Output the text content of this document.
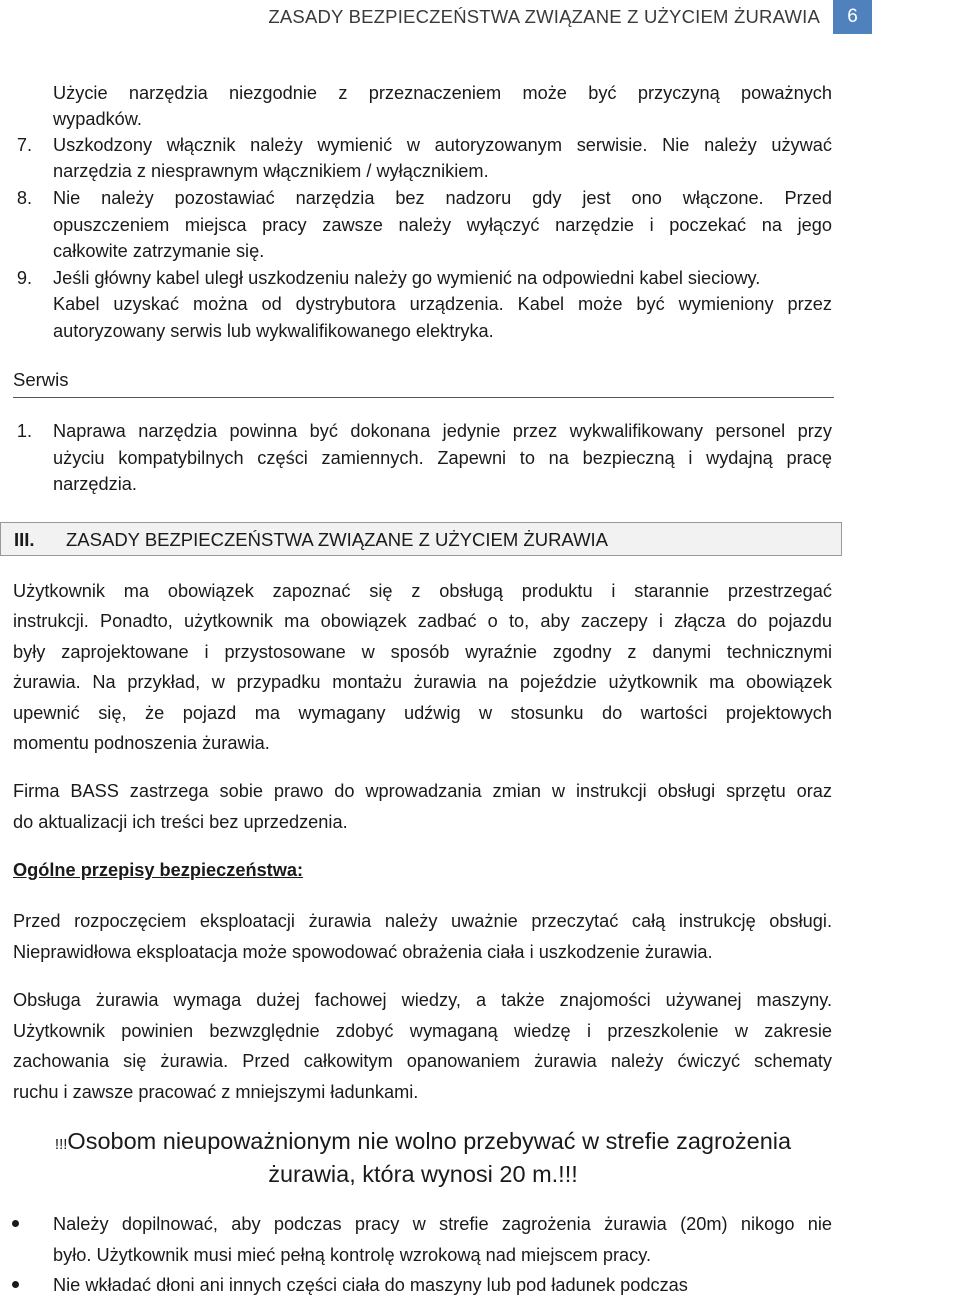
ZASADY BEZPIECZEŃSTWA ZWIĄZANE Z UŻYCIEM ŻURAWIA	6
Użycie narzędzia niezgodnie z przeznaczeniem może być przyczyną poważnych
wypadków.
7. Uszkodzony włącznik należy wymienić w autoryzowanym serwisie. Nie należy używać
narzędzia z niesprawnym włącznikiem / wyłącznikiem.
8. Nie należy pozostawiać narzędzia bez nadzoru gdy jest ono włączone. Przed
opuszczeniem miejsca pracy zawsze należy wyłączyć narzędzie i poczekać na jego
całkowite zatrzymanie się.
9. Jeśli główny kabel uległ uszkodzeniu należy go wymienić na odpowiedni kabel sieciowy.
Kabel uzyskać można od dystrybutora urządzenia. Kabel może być wymieniony przez
autoryzowany serwis lub wykwalifikowanego elektryka.
Serwis
1. Naprawa narzędzia powinna być dokonana jedynie przez wykwalifikowany personel przy
użyciu kompatybilnych części zamiennych. Zapewni to na bezpieczną i wydajną pracę
narzędzia.
III. ZASADY BEZPIECZEŃSTWA ZWIĄZANE Z UŻYCIEM ŻURAWIA
Użytkownik ma obowiązek zapoznać się z obsługą produktu i starannie przestrzegać
instrukcji. Ponadto, użytkownik ma obowiązek zadbać o to, aby zaczepy i złącza do pojazdu
były zaprojektowane i przystosowane w sposób wyraźnie zgodny z danymi technicznymi
żurawia. Na przykład, w przypadku montażu żurawia na pojeździe użytkownik ma obowiązek
upewnić się, że pojazd ma wymagany udźwig w stosunku do wartości projektowych
momentu podnoszenia żurawia.
Firma BASS zastrzega sobie prawo do wprowadzania zmian w instrukcji obsługi sprzętu oraz
do aktualizacji ich treści bez uprzedzenia.
Ogólne przepisy bezpieczeństwa:
Przed rozpoczęciem eksploatacji żurawia należy uważnie przeczytać całą instrukcję obsługi.
Nieprawidłowa eksploatacja może spowodować obrażenia ciała i uszkodzenie żurawia.
Obsługa żurawia wymaga dużej fachowej wiedzy, a także znajomości używanej maszyny.
Użytkownik powinien bezwzględnie zdobyć wymaganą wiedzę i przeszkolenie w zakresie
zachowania się żurawia. Przed całkowitym opanowaniem żurawia należy ćwiczyć schematy
ruchu i zawsze pracować z mniejszymi ładunkami.
!!!Osobom nieupoważnionym nie wolno przebywać w strefie zagrożenia
żurawia, która wynosi 20 m.!!!
Należy dopilnować, aby podczas pracy w strefie zagrożenia żurawia (20m) nikogo nie
było. Użytkownik musi mieć pełną kontrolę wzrokową nad miejscem pracy.
Nie wkładać dłoni ani innych części ciała do maszyny lub pod ładunek podczas
